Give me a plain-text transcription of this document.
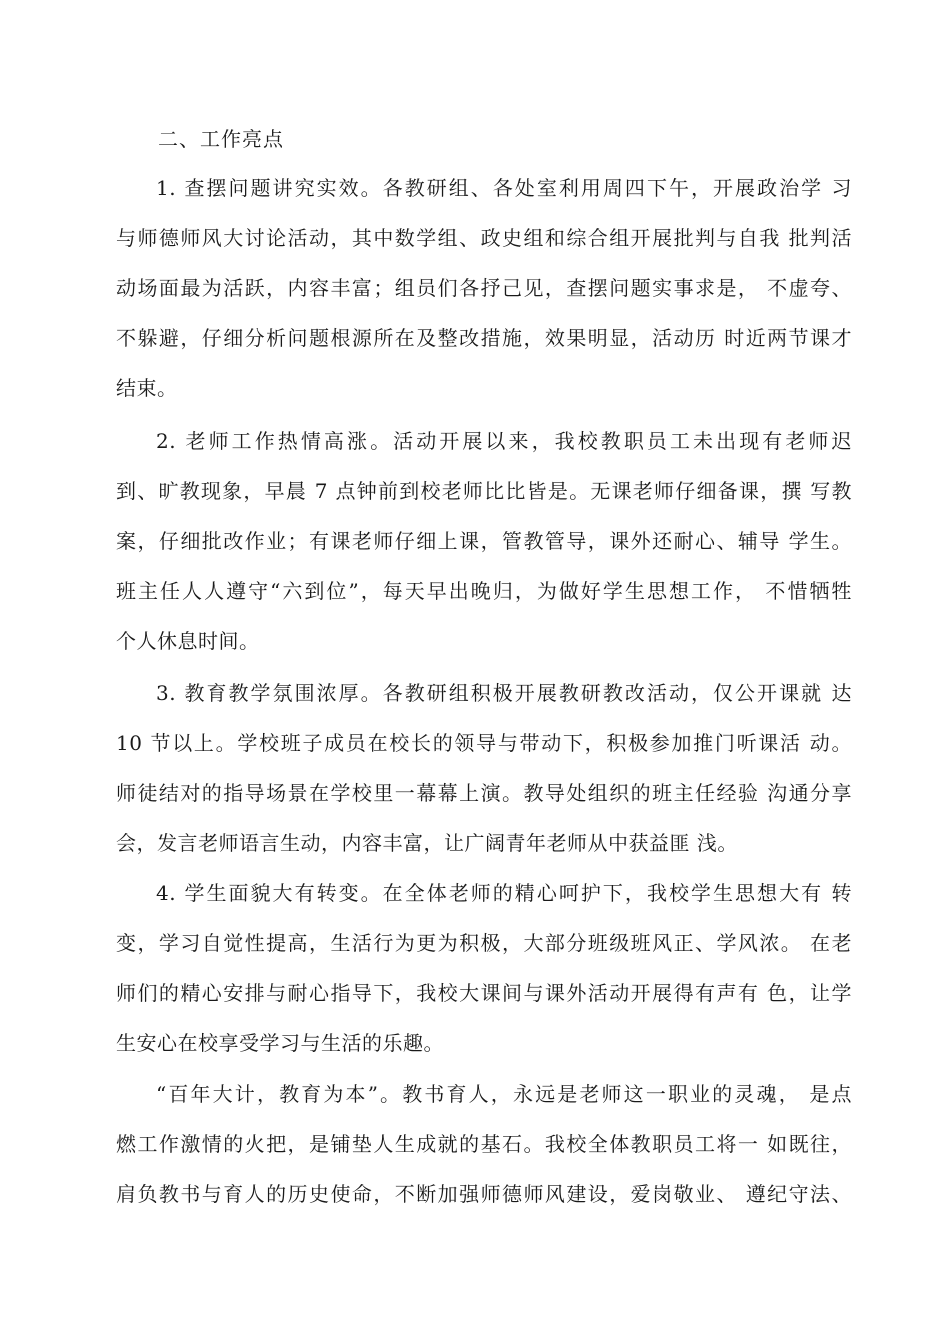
二、工作亮点
1. 查摆问题讲究实效。各教研组、各处室利用周四下午，开展政治学 习
与师德师风大讨论活动，其中数学组、政史组和综合组开展批判与自我 批判活
动场面最为活跃，内容丰富；组员们各抒己见，查摆问题实事求是， 不虚夸、
不躲避，仔细分析问题根源所在及整改措施，效果明显，活动历 时近两节课才
结束。
2. 老师工作热情高涨。活动开展以来，我校教职员工未出现有老师迟
到、旷教现象，早晨 7 点钟前到校老师比比皆是。无课老师仔细备课，撰 写教
案，仔细批改作业；有课老师仔细上课，管教管导，课外还耐心、辅导 学生。
班主任人人遵守“六到位”，每天早出晚归，为做好学生思想工作， 不惜牺牲
个人休息时间。
3. 教育教学氛围浓厚。各教研组积极开展教研教改活动，仅公开课就 达
10 节以上。学校班子成员在校长的领导与带动下，积极参加推门听课活 动。
师徒结对的指导场景在学校里一幕幕上演。教导处组织的班主任经验 沟通分享
会，发言老师语言生动，内容丰富，让广阔青年老师从中获益匪 浅。
4. 学生面貌大有转变。在全体老师的精心呵护下，我校学生思想大有 转
变，学习自觉性提高，生活行为更为积极，大部分班级班风正、学风浓。 在老
师们的精心安排与耐心指导下，我校大课间与课外活动开展得有声有 色，让学
生安心在校享受学习与生活的乐趣。
“百年大计，教育为本”。教书育人，永远是老师这一职业的灵魂， 是点
燃工作激情的火把，是铺垫人生成就的基石。我校全体教职员工将一 如既往，
肩负教书与育人的历史使命，不断加强师德师风建设，爱岗敬业、 遵纪守法、
